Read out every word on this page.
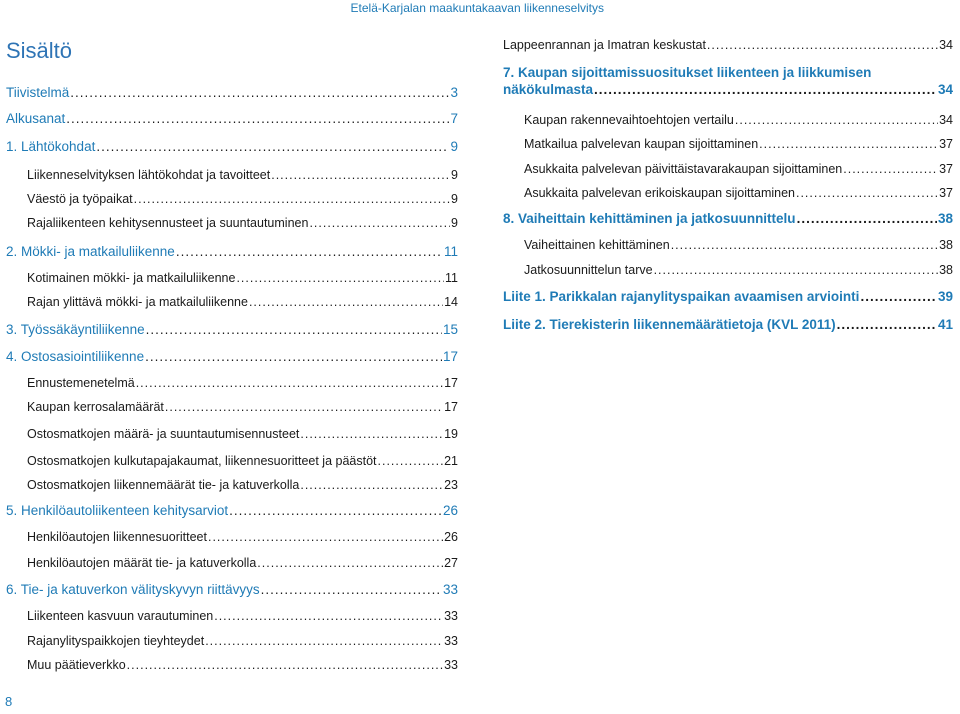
Etelä-Karjalan maakuntakaavan liikenneselvitys
Sisältö
Tiivistelmä .....	3
Alkusanat .....	7
1. Lähtökohdat .....	9
Liikenneselvityksen lähtökohdat ja tavoitteet .....	9
Väestö ja työpaikat .....	9
Rajaliikenteen kehitysennusteet ja suuntautuminen .....	9
2. Mökki- ja matkailuliikenne .....	11
Kotimainen mökki- ja matkailuliikenne .....	11
Rajan ylittävä mökki- ja matkailuliikenne .....	14
3. Työssäkäyntiliikenne .....	15
4. Ostosasiointiliikenne .....	17
Ennustemenetelmä .....	17
Kaupan kerrosalamäärät .....	17
Ostosmatkojen määrä- ja suuntautumisennusteet .....	19
Ostosmatkojen kulkutapajakaumat, liikennesuoritteet ja päästöt .....	21
Ostosmatkojen liikennemäärät tie- ja katuverkolla .....	23
5. Henkilöautoliikenteen kehitysarviot .....	26
Henkilöautojen liikennesuoritteet .....	26
Henkilöautojen määrät tie- ja katuverkolla .....	27
6. Tie- ja katuverkon välityskyvyn riittävyys .....	33
Liikenteen kasvuun varautuminen .....	33
Rajanylityspaikkojen tieyhteydet .....	33
Muu päätieverkko .....	33
Lappeenrannan ja Imatran keskustat .....	34
7. Kaupan sijoittamissuositukset liikenteen ja liikkumisen
näkökulmasta .....	34
Kaupan rakennevaihtoehtojen vertailu .....	34
Matkailua palvelevan kaupan sijoittaminen .....	37
Asukkaita palvelevan päivittäistavarakaupan sijoittaminen .....	37
Asukkaita palvelevan erikoiskaupan sijoittaminen .....	37
8. Vaiheittain kehittäminen ja jatkosuunnittelu .....	38
Vaiheittainen kehittäminen .....	38
Jatkosuunnittelun tarve .....	38
Liite 1. Parikkalan rajanylityspaikan avaamisen arviointi .....	39
Liite 2. Tierekisterin liikennemäärätietoja (KVL 2011) .....	41
8
